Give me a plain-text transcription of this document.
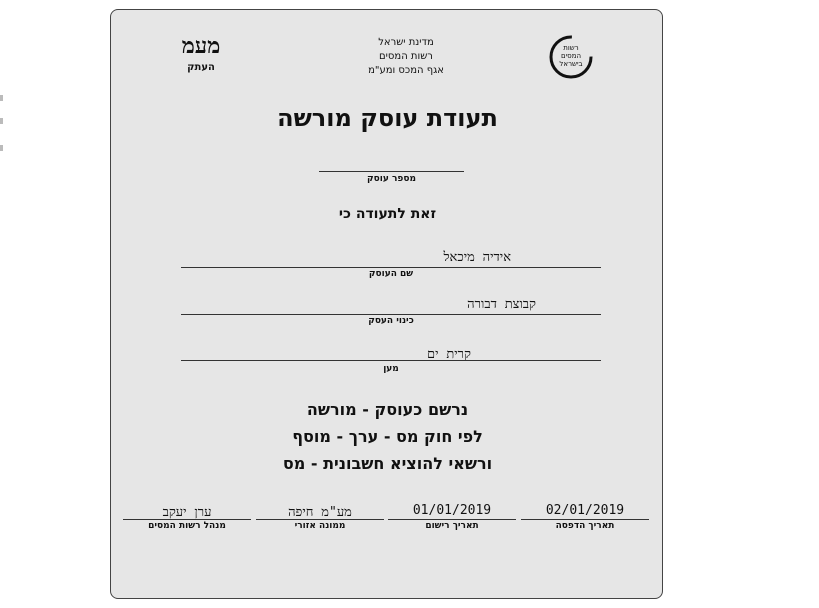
רשות
המסים
בישראל
מדינת ישראל
רשות המסים
אגף המכס ומע"מ
מעמ
העתק
תעודת עוסק מורשה
מספר עוסק
זאת לתעודה כי
אידיה מיכאל
שם העוסק
קבוצת דבורה
כינוי העסק
קרית ים
מען
נרשם כעוסק - מורשה
לפי חוק מס - ערך - מוסף
ורשאי להוציא חשבונית - מס
02/01/2019
תאריך הדפסה
01/01/2019
תאריך רישום
מע"מ חיפה
ממונה אזורי
ערן יעקב
מנהל רשות המסים
